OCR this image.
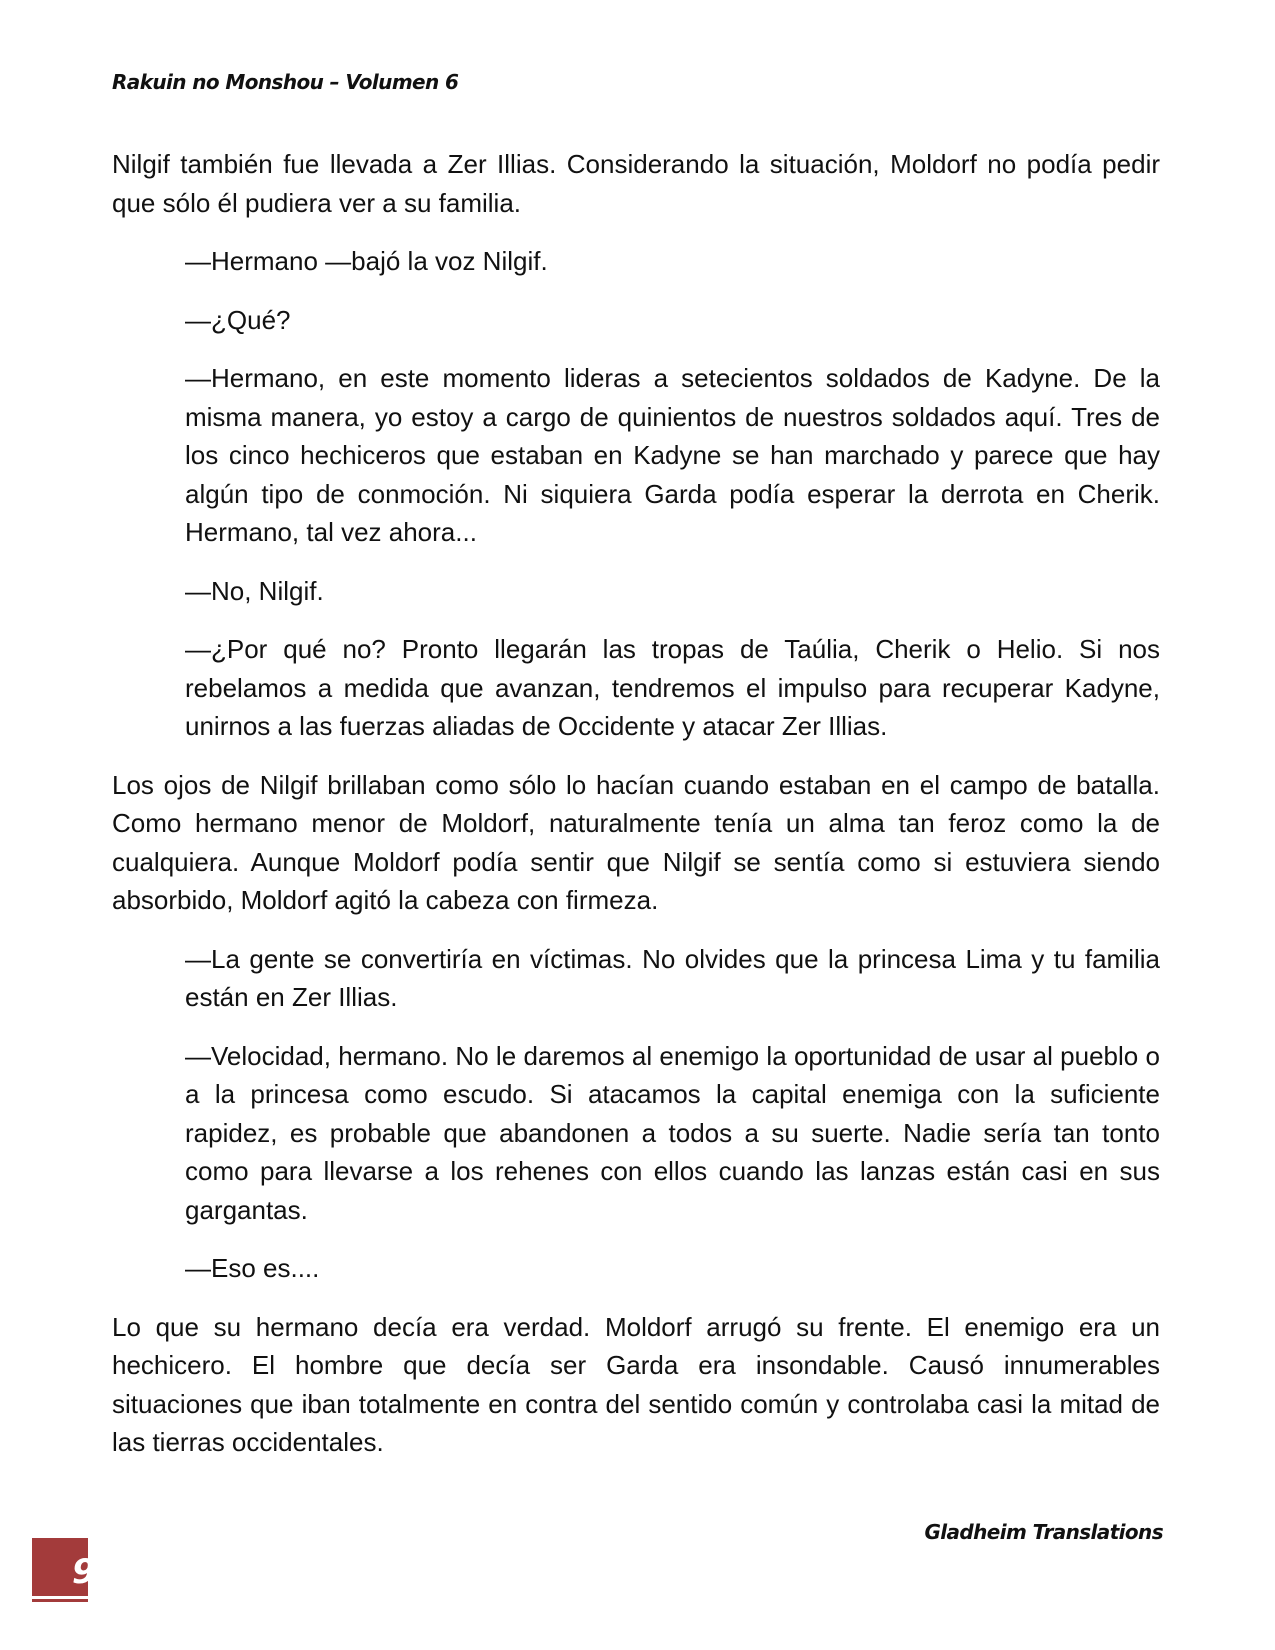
Rakuin no Monshou – Volumen 6

Nilgif también fue llevada a Zer Illias. Considerando la situación, Moldorf no podía pedir que sólo él pudiera ver a su familia.

—Hermano —bajó la voz Nilgif.

—¿Qué?

—Hermano, en este momento lideras a setecientos soldados de Kadyne. De la misma manera, yo estoy a cargo de quinientos de nuestros soldados aquí. Tres de los cinco hechiceros que estaban en Kadyne se han marchado y parece que hay algún tipo de conmoción. Ni siquiera Garda podía esperar la derrota en Cherik. Hermano, tal vez ahora...

—No, Nilgif.

—¿Por qué no? Pronto llegarán las tropas de Taúlia, Cherik o Helio. Si nos rebelamos a medida que avanzan, tendremos el impulso para recuperar Kadyne, unirnos a las fuerzas aliadas de Occidente y atacar Zer Illias.

Los ojos de Nilgif brillaban como sólo lo hacían cuando estaban en el campo de batalla. Como hermano menor de Moldorf, naturalmente tenía un alma tan feroz como la de cualquiera. Aunque Moldorf podía sentir que Nilgif se sentía como si estuviera siendo absorbido, Moldorf agitó la cabeza con firmeza.

—La gente se convertiría en víctimas. No olvides que la princesa Lima y tu familia están en Zer Illias.

—Velocidad, hermano. No le daremos al enemigo la oportunidad de usar al pueblo o a la princesa como escudo. Si atacamos la capital enemiga con la suficiente rapidez, es probable que abandonen a todos a su suerte. Nadie sería tan tonto como para llevarse a los rehenes con ellos cuando las lanzas están casi en sus gargantas.

—Eso es....

Lo que su hermano decía era verdad. Moldorf arrugó su frente. El enemigo era un hechicero. El hombre que decía ser Garda era insondable. Causó innumerables situaciones que iban totalmente en contra del sentido común y controlaba casi la mitad de las tierras occidentales.

Gladheim Translations
9
